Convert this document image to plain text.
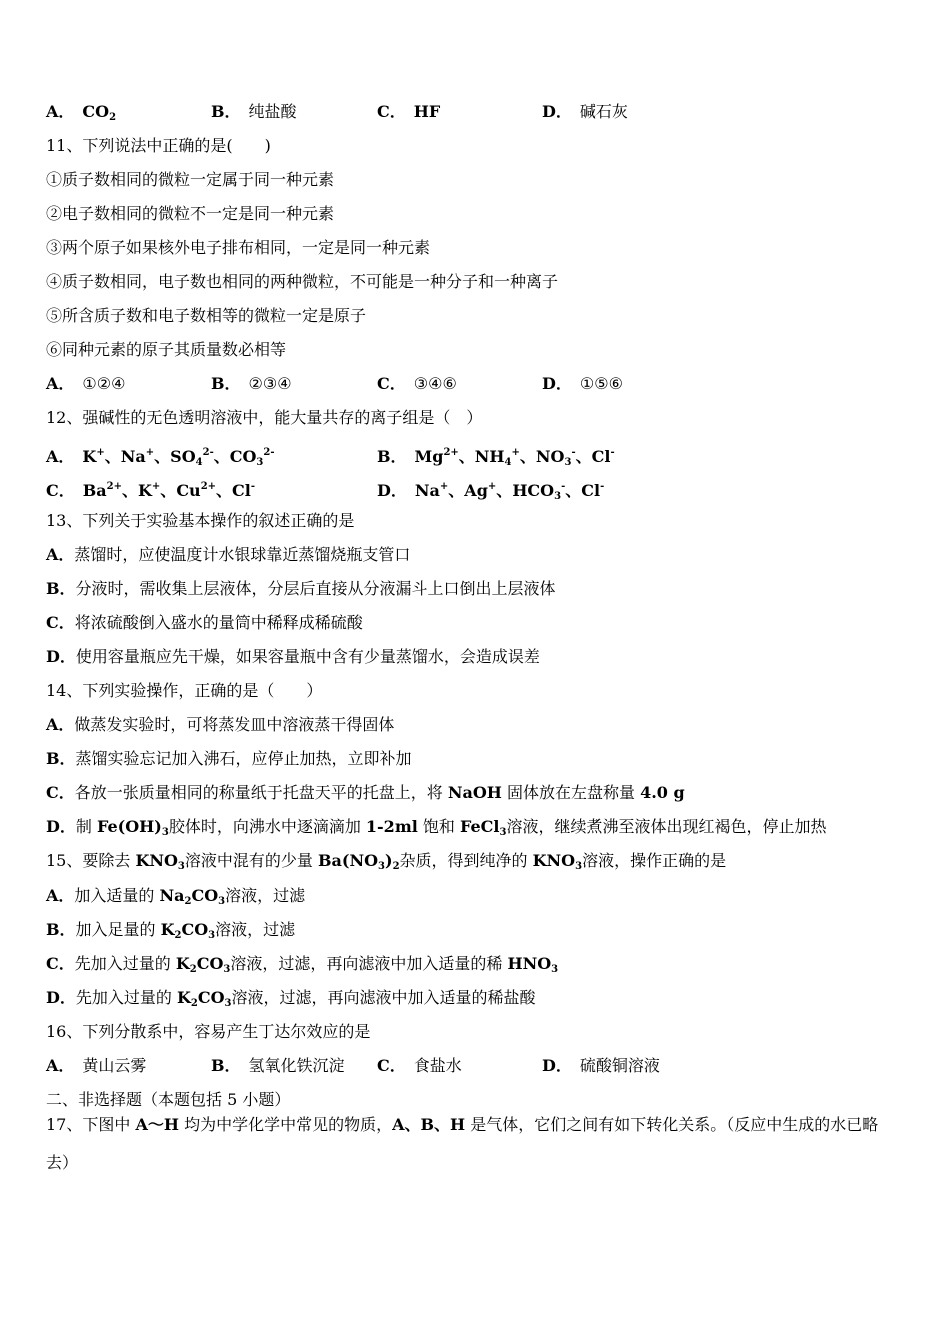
A． $CO_2$	B． 纯盐酸	C． HF	D． 碱石灰
11、下列说法中正确的是(　　)
①质子数相同的微粒一定属于同一种元素
②电子数相同的微粒不一定是同一种元素
③两个原子如果核外电子排布相同，一定是同一种元素
④质子数相同，电子数也相同的两种微粒，不可能是一种分子和一种离子
⑤所含质子数和电子数相等的微粒一定是原子
⑥同种元素的原子其质量数必相等
A． ①②④	B． ②③④	C． ③④⑥	D． ①⑤⑥
12、强碱性的无色透明溶液中，能大量共存的离子组是（　）
A． K+、Na+、$SO_4^{2-}$、$CO_3^{2-}$	B． $Mg^{2+}$、$NH_4^+$、$NO_3^-$、Cl-
C． $Ba^{2+}$、K+、$Cu^{2+}$、Cl-	D． Na+、Ag+、$HCO_3^-$、Cl-
13、下列关于实验基本操作的叙述正确的是
A．蒸馏时，应使温度计水银球靠近蒸馏烧瓶支管口
B．分液时，需收集上层液体，分层后直接从分液漏斗上口倒出上层液体
C．将浓硫酸倒入盛水的量筒中稀释成稀硫酸
D．使用容量瓶应先干燥，如果容量瓶中含有少量蒸馏水，会造成误差
14、下列实验操作，正确的是（　　）
A．做蒸发实验时，可将蒸发皿中溶液蒸干得固体
B．蒸馏实验忘记加入沸石，应停止加热，立即补加
C．各放一张质量相同的称量纸于托盘天平的托盘上，将 NaOH 固体放在左盘称量 4.0 g
D．制 $Fe(OH)_3$胶体时，向沸水中逐滴滴加 1-2ml 饱和 FeCl$_3$溶液，继续煮沸至液体出现红褐色，停止加热
15、要除去 $KNO_3$溶液中混有的少量 $Ba(NO_3)_2$杂质，得到纯净的 $KNO_3$溶液，操作正确的是
A．加入适量的 $Na_2CO_3$溶液，过滤
B．加入足量的 $K_2CO_3$溶液，过滤
C．先加入过量的 $K_2CO_3$溶液，过滤，再向滤液中加入适量的稀 $HNO_3$
D．先加入过量的 $K_2CO_3$溶液，过滤，再向滤液中加入适量的稀盐酸
16、下列分散系中，容易产生丁达尔效应的是
A． 黄山云雾	B． 氢氧化铁沉淀 C． 食盐水	D． 硫酸铜溶液
二、非选择题（本题包括 5 小题）
17、下图中 A～H 均为中学化学中常见的物质，A、B、H 是气体，它们之间有如下转化关系。（反应中生成的水已略
去）
